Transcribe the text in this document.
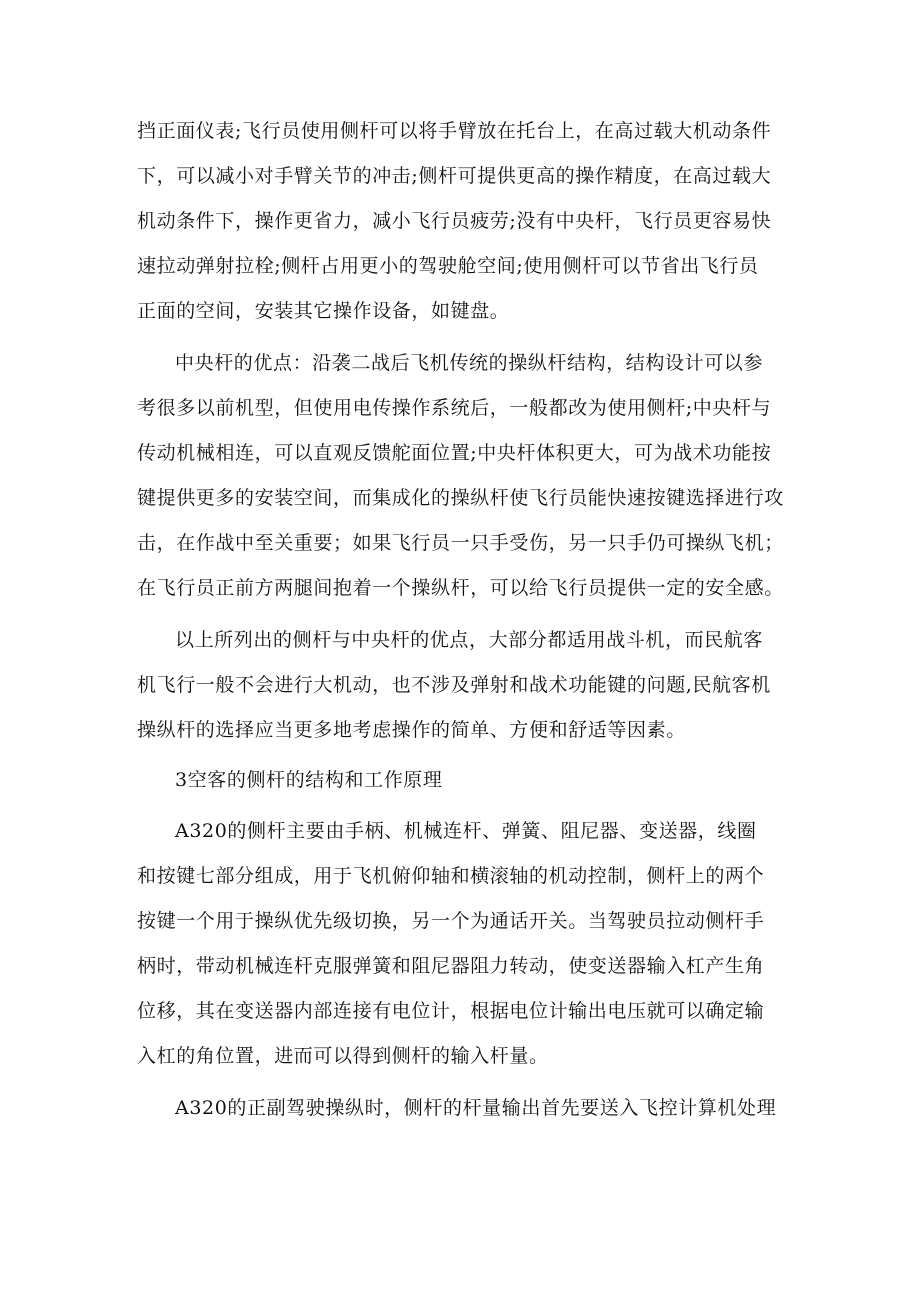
挡正面仪表;飞行员使用侧杆可以将手臂放在托台上，在高过载大机动条件
下，可以减小对手臂关节的冲击;侧杆可提供更高的操作精度，在高过载大
机动条件下，操作更省力，减小飞行员疲劳;没有中央杆，飞行员更容易快
速拉动弹射拉栓;侧杆占用更小的驾驶舱空间;使用侧杆可以节省出飞行员
正面的空间，安装其它操作设备，如键盘。
中央杆的优点：沿袭二战后飞机传统的操纵杆结构，结构设计可以参
考很多以前机型，但使用电传操作系统后，一般都改为使用侧杆;中央杆与
传动机械相连，可以直观反馈舵面位置;中央杆体积更大，可为战术功能按
键提供更多的安装空间，而集成化的操纵杆使飞行员能快速按键选择进行攻
击，在作战中至关重要；如果飞行员一只手受伤，另一只手仍可操纵飞机；
在飞行员正前方两腿间抱着一个操纵杆，可以给飞行员提供一定的安全感。
以上所列出的侧杆与中央杆的优点，大部分都适用战斗机，而民航客
机飞行一般不会进行大机动，也不涉及弹射和战术功能键的问题,民航客机
操纵杆的选择应当更多地考虑操作的简单、方便和舒适等因素。
3空客的侧杆的结构和工作原理
A320的侧杆主要由手柄、机械连杆、弹簧、阻尼器、变送器，线圈
和按键七部分组成，用于飞机俯仰轴和横滚轴的机动控制，侧杆上的两个
按键一个用于操纵优先级切换，另一个为通话开关。当驾驶员拉动侧杆手
柄时，带动机械连杆克服弹簧和阻尼器阻力转动，使变送器输入杠产生角
位移，其在变送器内部连接有电位计，根据电位计输出电压就可以确定输
入杠的角位置，进而可以得到侧杆的输入杆量。
A320的正副驾驶操纵时，侧杆的杆量输出首先要送入飞控计算机处理
